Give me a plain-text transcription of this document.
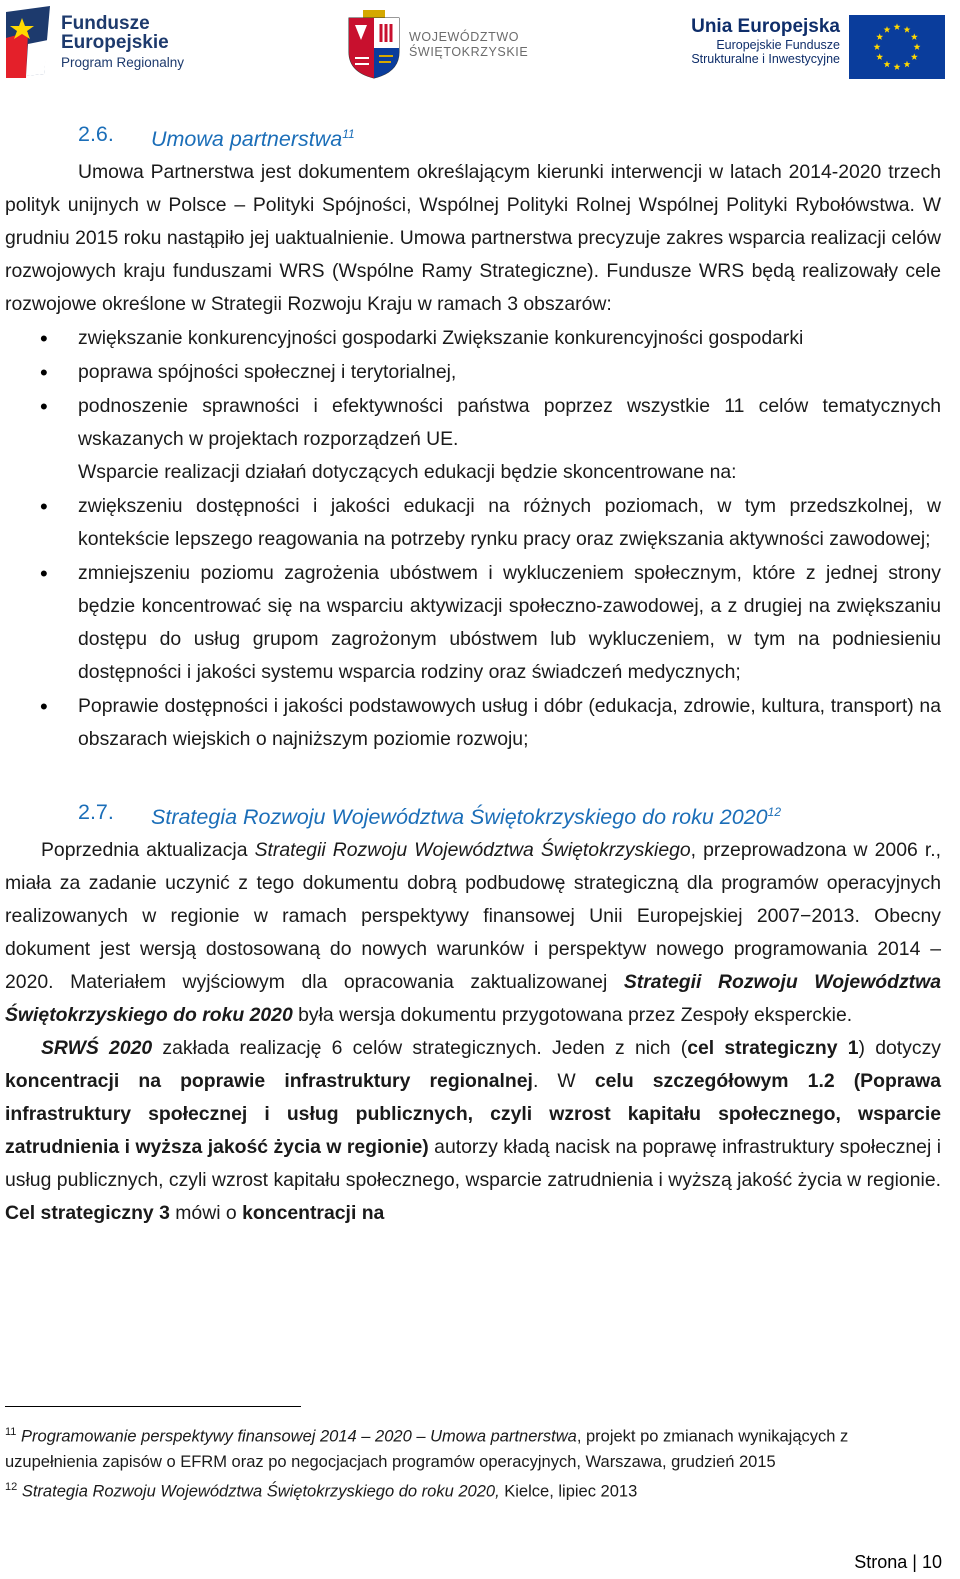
Fundusze
Europejskie
Program Regionalny
WOJEWÓDZTWO
ŚWIĘTOKRZYSKIE
Unia Europejska
Europejskie Fundusze
Strukturalne i Inwestycyjne
2.6. Umowa partnerstwa$^{11}$

Umowa Partnerstwa jest dokumentem określającym kierunki interwencji w latach 2014-2020 trzech polityk unijnych w Polsce – Polityki Spójności, Wspólnej Polityki Rolnej Wspólnej Polityki Rybołówstwa. W grudniu 2015 roku nastąpiło jej uaktualnienie. Umowa partnerstwa precyzuje zakres wsparcia realizacji celów rozwojowych kraju funduszami WRS (Wspólne Ramy Strategiczne). Fundusze WRS będą realizowały cele rozwojowe określone w Strategii Rozwoju Kraju w ramach 3 obszarów:

• zwiększanie konkurencyjności gospodarki Zwiększanie konkurencyjności gospodarki
• poprawa spójności społecznej i terytorialnej,
• podnoszenie sprawności i efektywności państwa poprzez wszystkie 11 celów tematycznych wskazanych w projektach rozporządzeń UE.

Wsparcie realizacji działań dotyczących edukacji będzie skoncentrowane na:

• zwiększeniu dostępności i jakości edukacji na różnych poziomach, w tym przedszkolnej, w kontekście lepszego reagowania na potrzeby rynku pracy oraz zwiększania aktywności zawodowej;
• zmniejszeniu poziomu zagrożenia ubóstwem i wykluczeniem społecznym, które z jednej strony będzie koncentrować się na wsparciu aktywizacji społeczno-zawodowej, a z drugiej na zwiększaniu dostępu do usług grupom zagrożonym ubóstwem lub wykluczeniem, w tym na podniesieniu dostępności i jakości systemu wsparcia rodziny oraz świadczeń medycznych;
• Poprawie dostępności i jakości podstawowych usług i dóbr (edukacja, zdrowie, kultura, transport) na obszarach wiejskich o najniższym poziomie rozwoju;
2.7. Strategia Rozwoju Województwa Świętokrzyskiego do roku 2020$^{12}$

Poprzednia aktualizacja Strategii Rozwoju Województwa Świętokrzyskiego, przeprowadzona w 2006 r., miała za zadanie uczynić z tego dokumentu dobrą podbudowę strategiczną dla programów operacyjnych realizowanych w regionie w ramach perspektywy finansowej Unii Europejskiej 2007−2013. Obecny dokument jest wersją dostosowaną do nowych warunków i perspektyw nowego programowania 2014 – 2020. Materiałem wyjściowym dla opracowania zaktualizowanej Strategii Rozwoju Województwa Świętokrzyskiego do roku 2020 była wersja dokumentu przygotowana przez Zespoły eksperckie.

SRWŚ 2020 zakłada realizację 6 celów strategicznych. Jeden z nich (cel strategiczny 1) dotyczy koncentracji na poprawie infrastruktury regionalnej. W celu szczegółowym 1.2 (Poprawa infrastruktury społecznej i usług publicznych, czyli wzrost kapitału społecznego, wsparcie zatrudnienia i wyższa jakość życia w regionie) autorzy kładą nacisk na poprawę infrastruktury społecznej i usług publicznych, czyli wzrost kapitału społecznego, wsparcie zatrudnienia i wyższą jakość życia w regionie. Cel strategiczny 3 mówi o koncentracji na

$^{11}$ Programowanie perspektywy finansowej 2014 – 2020 – Umowa partnerstwa, projekt po zmianach wynikających z uzupełnienia zapisów o EFRM oraz po negocjacjach programów operacyjnych, Warszawa, grudzień 2015

$^{12}$ Strategia Rozwoju Województwa Świętokrzyskiego do roku 2020, Kielce, lipiec 2013

Strona | 10
